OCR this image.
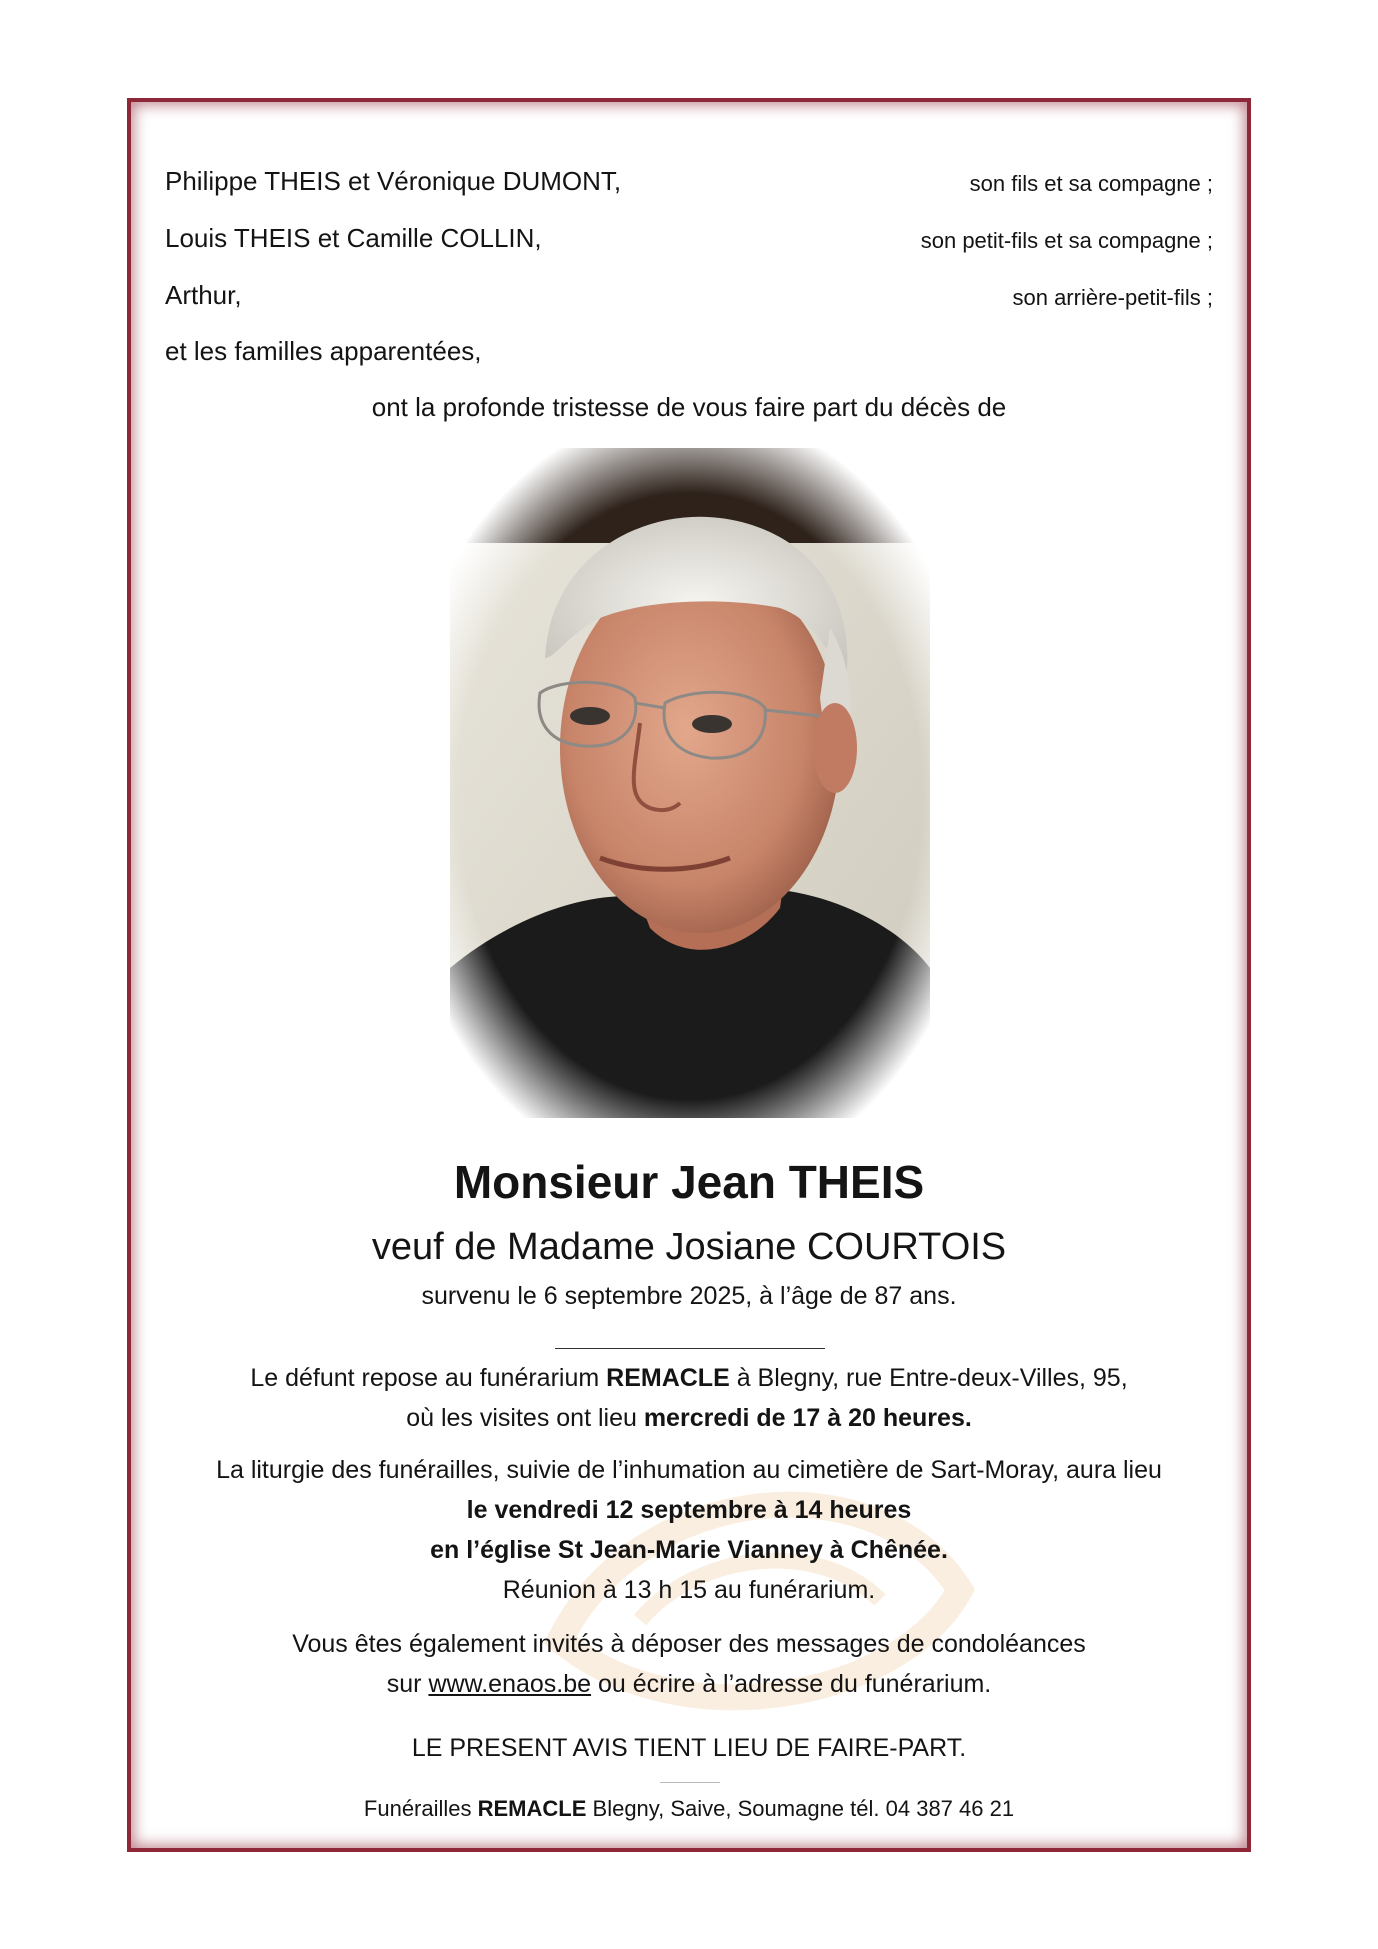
Philippe THEIS et Véronique DUMONT,	son fils et sa compagne ;
Louis THEIS et Camille COLLIN,	son petit-fils et sa compagne ;
Arthur,	son arrière-petit-fils ;
et les familles apparentées,
ont la profonde tristesse de vous faire part du décès de
Monsieur Jean THEIS
veuf de Madame Josiane COURTOIS
survenu le 6 septembre 2025, à l’âge de 87 ans.
Le défunt repose au funérarium REMACLE à Blegny, rue Entre-deux-Villes, 95,
où les visites ont lieu mercredi de 17 à 20 heures.
La liturgie des funérailles, suivie de l’inhumation au cimetière de Sart-Moray, aura lieu
le vendredi 12 septembre à 14 heures
en l’église St Jean-Marie Vianney à Chênée.
Réunion à 13 h 15 au funérarium.
Vous êtes également invités à déposer des messages de condoléances
sur www.enaos.be ou écrire à l’adresse du funérarium.
LE PRESENT AVIS TIENT LIEU DE FAIRE-PART.
Funérailles REMACLE Blegny, Saive, Soumagne tél. 04 387 46 21
